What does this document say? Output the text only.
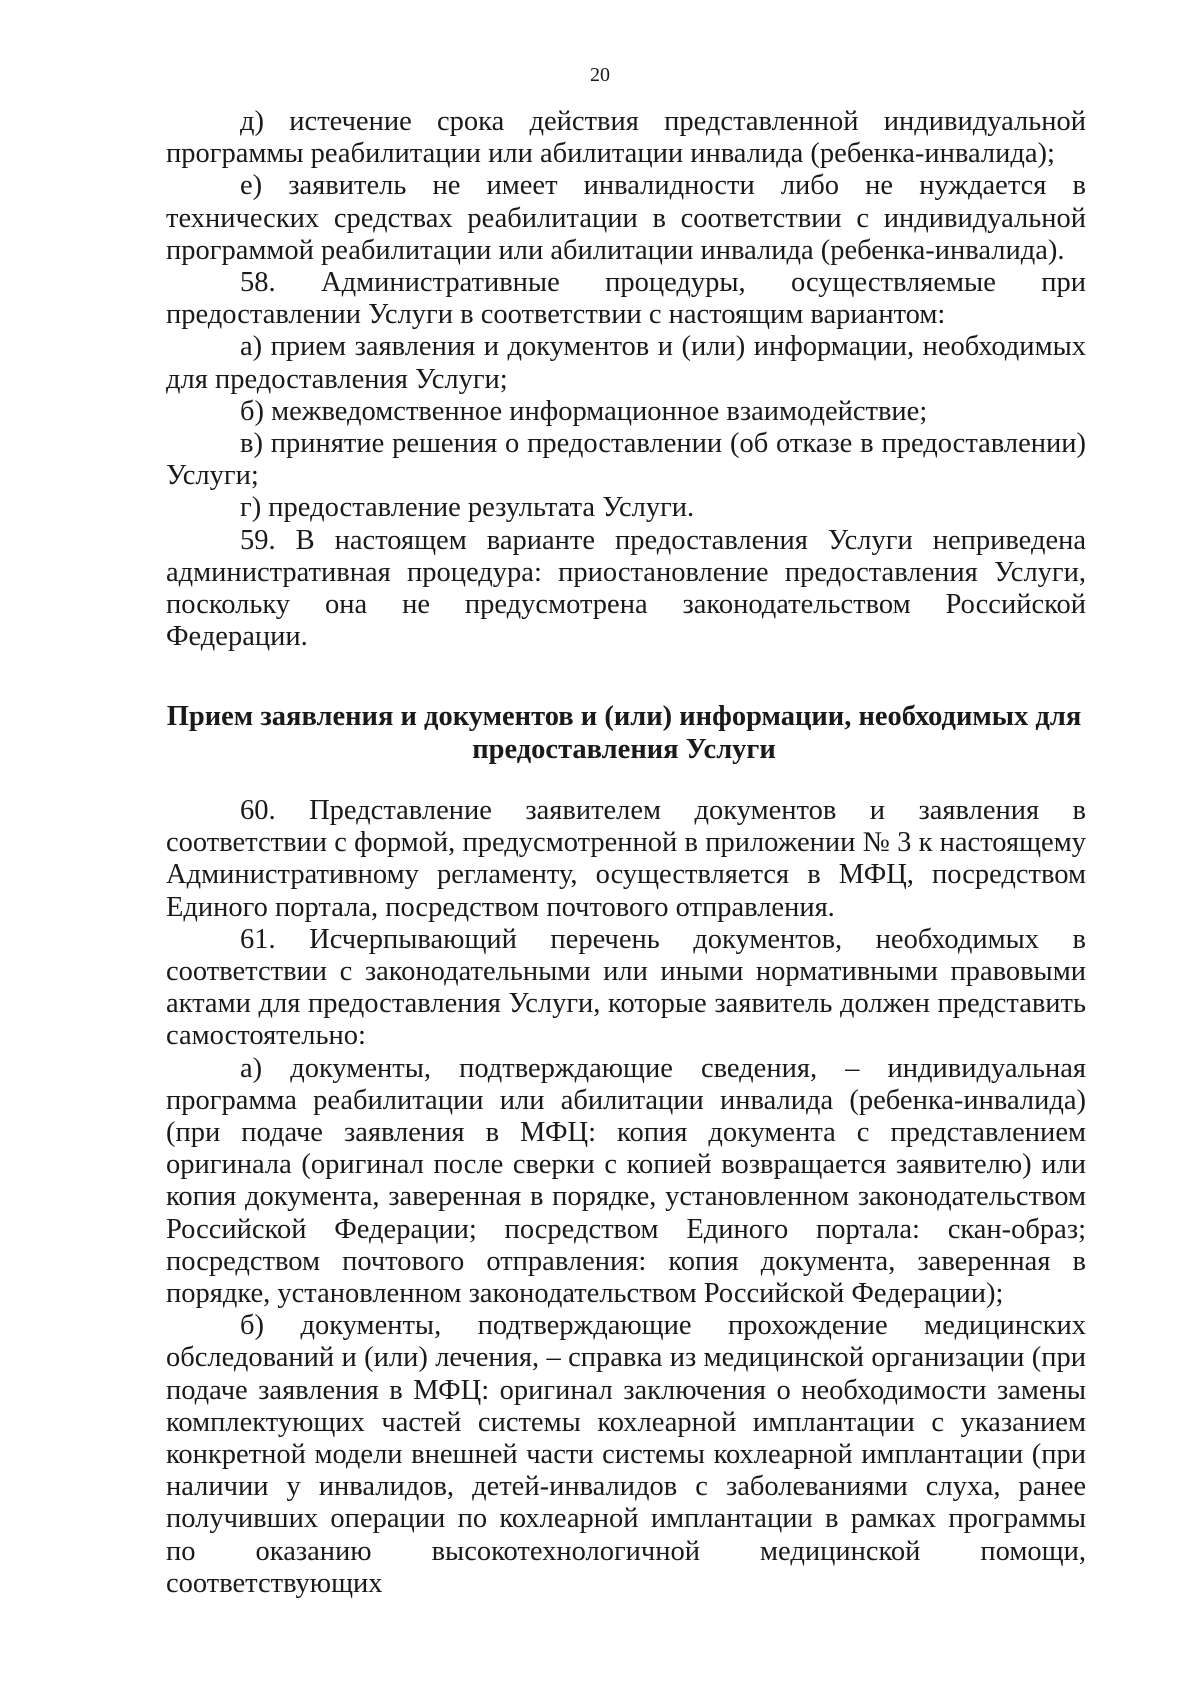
20

д) истечение срока действия представленной индивидуальной программы реабилитации или абилитации инвалида (ребенка-инвалида);

е) заявитель не имеет инвалидности либо не нуждается в технических средствах реабилитации в соответствии с индивидуальной программой реабилитации или абилитации инвалида (ребенка-инвалида).

58. Административные процедуры, осуществляемые при предоставлении Услуги в соответствии с настоящим вариантом:

а) прием заявления и документов и (или) информации, необходимых для предоставления Услуги;

б) межведомственное информационное взаимодействие;

в) принятие решения о предоставлении (об отказе в предоставлении) Услуги;

г) предоставление результата Услуги.

59. В настоящем варианте предоставления Услуги неприведена административная процедура: приостановление предоставления Услуги, поскольку она не предусмотрена законодательством Российской Федерации.

Прием заявления и документов и (или) информации, необходимых для
предоставления Услуги

60. Представление заявителем документов и заявления в соответствии с формой, предусмотренной в приложении № 3 к настоящему Административному регламенту, осуществляется в МФЦ, посредством Единого портала, посредством почтового отправления.

61. Исчерпывающий перечень документов, необходимых в соответствии с законодательными или иными нормативными правовыми актами для предоставления Услуги, которые заявитель должен представить самостоятельно:

а) документы, подтверждающие сведения, – индивидуальная программа реабилитации или абилитации инвалида (ребенка-инвалида) (при подаче заявления в МФЦ: копия документа с представлением оригинала (оригинал после сверки с копией возвращается заявителю) или копия документа, заверенная в порядке, установленном законодательством Российской Федерации; посредством Единого портала: скан-образ; посредством почтового отправления: копия документа, заверенная в порядке, установленном законодательством Российской Федерации);

б) документы, подтверждающие прохождение медицинских обследований и (или) лечения, – справка из медицинской организации (при подаче заявления в МФЦ: оригинал заключения о необходимости замены комплектующих частей системы кохлеарной имплантации с указанием конкретной модели внешней части системы кохлеарной имплантации (при наличии у инвалидов, детей-инвалидов с заболеваниями слуха, ранее получивших операции по кохлеарной имплантации в рамках программы по оказанию высокотехнологичной медицинской помощи, соответствующих
